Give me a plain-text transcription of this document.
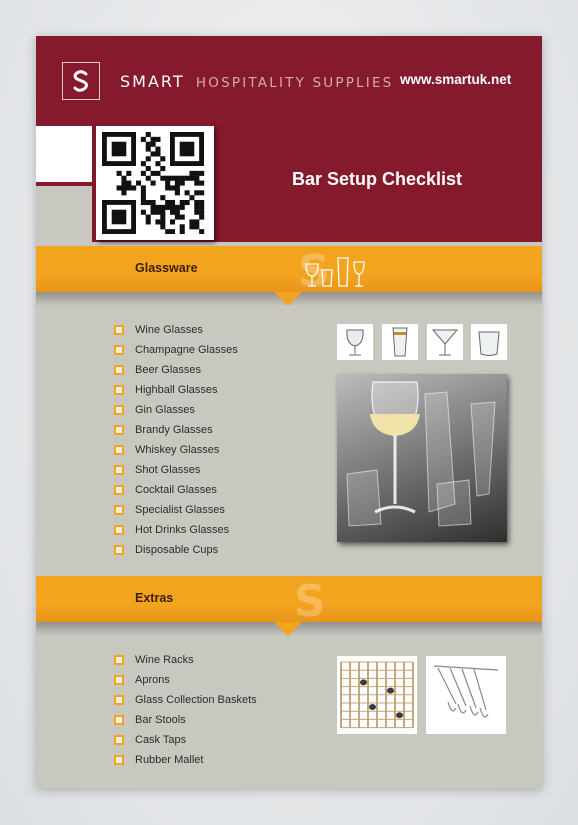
SMART HOSPITALITY SUPPLIES www.smartuk.net
Bar Setup Checklist
S
Glassware
Wine Glasses
Champagne Glasses
Beer Glasses
Highball Glasses
Gin Glasses
Brandy Glasses
Whiskey Glasses
Shot Glasses
Cocktail Glasses
Specialist Glasses
Hot Drinks Glasses
Disposable Cups
S
Extras
Wine Racks
Aprons
Glass Collection Baskets
Bar Stools
Cask Taps
Rubber Mallet
